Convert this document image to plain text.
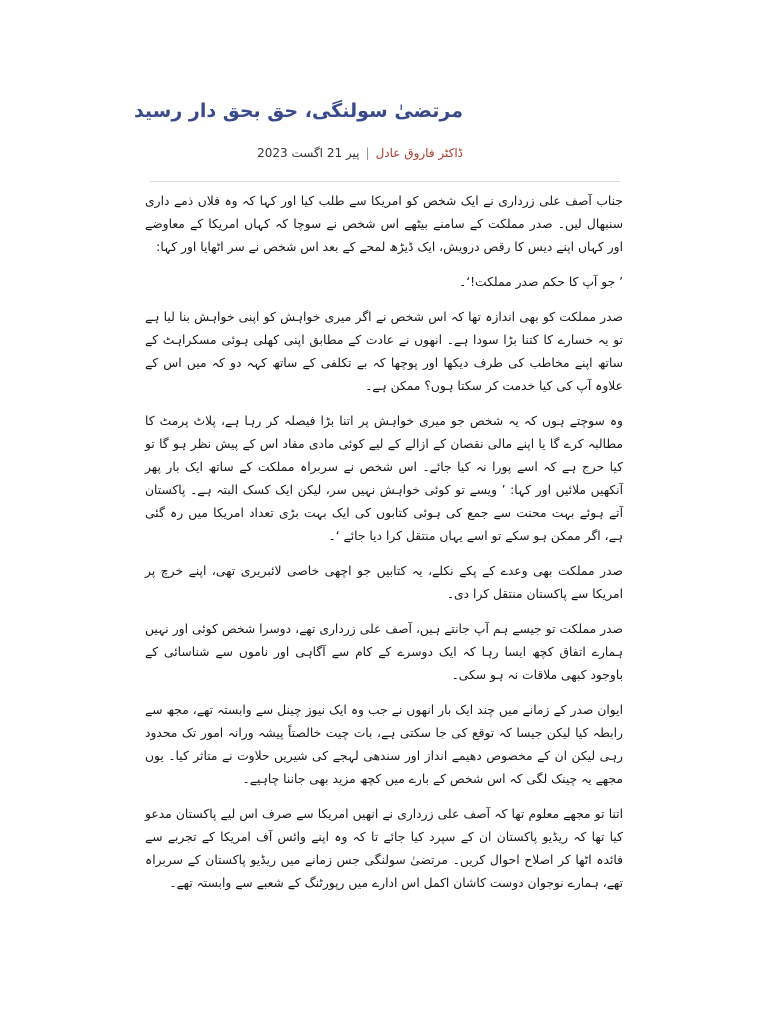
مرتضیٰ سولنگی، حق بحق دار رسید
ڈاکٹر فاروق عادل
|
پیر 21 اگست 2023

جناب آصف علی زرداری نے ایک شخص کو امریکا سے طلب کیا اور کہا کہ وہ فلاں ذمے داری سنبھال لیں۔ صدر مملکت کے سامنے بیٹھے اس شخص نے سوچا کہ کہاں امریکا کے معاوضے اور کہاں اپنے دیس کا رقص درویش، ایک ڈیڑھ لمحے کے بعد اس شخص نے سر اٹھایا اور کہا:

’ جو آپ کا حکم صدر مملکت!‘۔

صدر مملکت کو بھی اندازہ تھا کہ اس شخص نے اگر میری خواہش کو اپنی خواہش بنا لیا ہے تو یہ خسارے کا کتنا بڑا سودا ہے۔ انھوں نے عادت کے مطابق اپنی کھلی ہوئی مسکراہٹ کے ساتھ اپنے مخاطب کی طرف دیکھا اور پوچھا کہ بے تکلفی کے ساتھ کہہ دو کہ میں اس کے علاوہ آپ کی کیا خدمت کر سکتا ہوں؟ ممکن ہے۔

وہ سوچتے ہوں کہ یہ شخص جو میری خواہش پر اتنا بڑا فیصلہ کر رہا ہے، پلاٹ پرمٹ کا مطالبہ کرے گا یا اپنے مالی نقصان کے ازالے کے لیے کوئی مادی مفاد اس کے پیش نظر ہو گا تو کیا حرج ہے کہ اسے پورا نہ کیا جائے۔ اس شخص نے سربراہ مملکت کے ساتھ ایک بار پھر آنکھیں ملائیں اور کہا: ’ ویسے تو کوئی خواہش نہیں سر، لیکن ایک کسک البتہ ہے۔ پاکستان آتے ہوئے بہت محنت سے جمع کی ہوئی کتابوں کی ایک بہت بڑی تعداد امریکا میں رہ گئی ہے، اگر ممکن ہو سکے تو اسے یہاں منتقل کرا دیا جائے ‘۔

صدر مملکت بھی وعدے کے پکے نکلے، یہ کتابیں جو اچھی خاصی لائبریری تھی، اپنے خرچ پر امریکا سے پاکستان منتقل کرا دی۔

صدر مملکت تو جیسے ہم آپ جانتے ہیں، آصف علی زرداری تھے، دوسرا شخص کوئی اور نہیں ہمارے اتفاق کچھ ایسا رہا کہ ایک دوسرے کے کام سے آگاہی اور ناموں سے شناسائی کے باوجود کبھی ملاقات نہ ہو سکی۔

ایوان صدر کے زمانے میں چند ایک بار انھوں نے جب وہ ایک نیوز چینل سے وابستہ تھے، مجھ سے رابطہ کیا لیکن جیسا کہ توقع کی جا سکتی ہے، بات چیت خالصتاً پیشہ ورانہ امور تک محدود رہی لیکن ان کے مخصوص دھیمے انداز اور سندھی لہجے کی شیریں حلاوت نے متاثر کیا۔ یوں مجھے یہ چینک لگی کہ اس شخص کے بارے میں کچھ مزید بھی جاننا چاہیے۔

اتنا تو مجھے معلوم تھا کہ آصف علی زرداری نے انھیں امریکا سے صرف اس لیے پاکستان مدعو کیا تھا کہ ریڈیو پاکستان ان کے سپرد کیا جائے تا کہ وہ اپنے وائس آف امریکا کے تجربے سے فائدہ اٹھا کر اصلاح احوال کریں۔ مرتضیٰ سولنگی جس زمانے میں ریڈیو پاکستان کے سربراہ تھے، ہمارے نوجوان دوست کاشان اکمل اس ادارے میں رپورٹنگ کے شعبے سے وابستہ تھے۔
